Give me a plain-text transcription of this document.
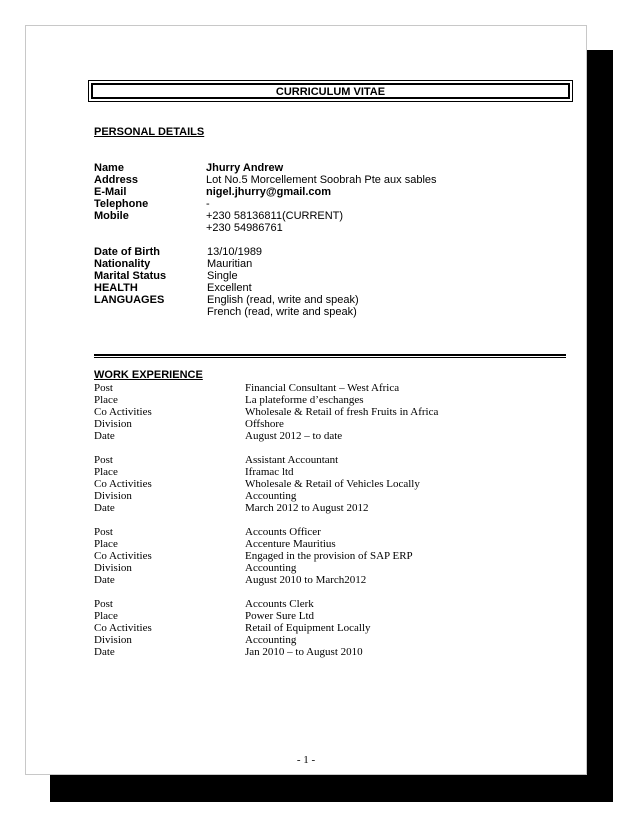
CURRICULUM VITAE
PERSONAL DETAILS
Name	Jhurry Andrew
Address	Lot No.5 Morcellement Soobrah Pte aux sables
E-Mail	nigel.jhurry@gmail.com
Telephone	-
Mobile	+230 58136811(CURRENT)
+230 54986761
Date of Birth	13/10/1989
Nationality	Mauritian
Marital Status	Single
HEALTH	Excellent
LANGUAGES	English (read, write and speak)
French (read, write and speak)
WORK EXPERIENCE
Post	Financial Consultant – West Africa
Place	La plateforme d’eschanges
Co Activities	Wholesale & Retail of fresh Fruits in Africa
Division	Offshore
Date	August 2012 – to date
Post	Assistant Accountant
Place	Iframac ltd
Co Activities	Wholesale & Retail of Vehicles Locally
Division	Accounting
Date	March 2012 to August 2012
Post	Accounts Officer
Place	Accenture Mauritius
Co Activities	Engaged in the provision of SAP ERP
Division	Accounting
Date	August 2010 to March2012
Post	Accounts Clerk
Place	Power Sure Ltd
Co Activities	Retail of Equipment Locally
Division	Accounting
Date	Jan 2010 – to August 2010
- 1 -
